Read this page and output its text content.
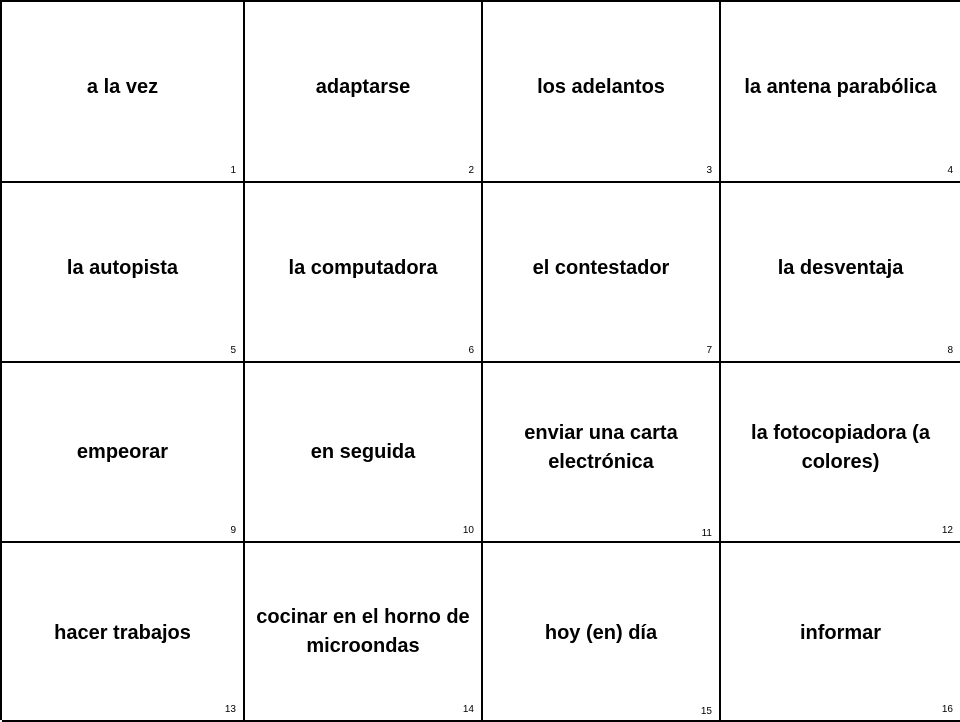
a la vez
1
adaptarse
2
los adelantos
3
la antena parabólica
4
la autopista
5
la computadora
6
el contestador
7
la desventaja
8
empeorar
9
en seguida
10
enviar una carta electrónica
11
la fotocopiadora (a colores)
12
hacer trabajos
13
cocinar en el horno de microondas
14
hoy (en) día
15
informar
16
